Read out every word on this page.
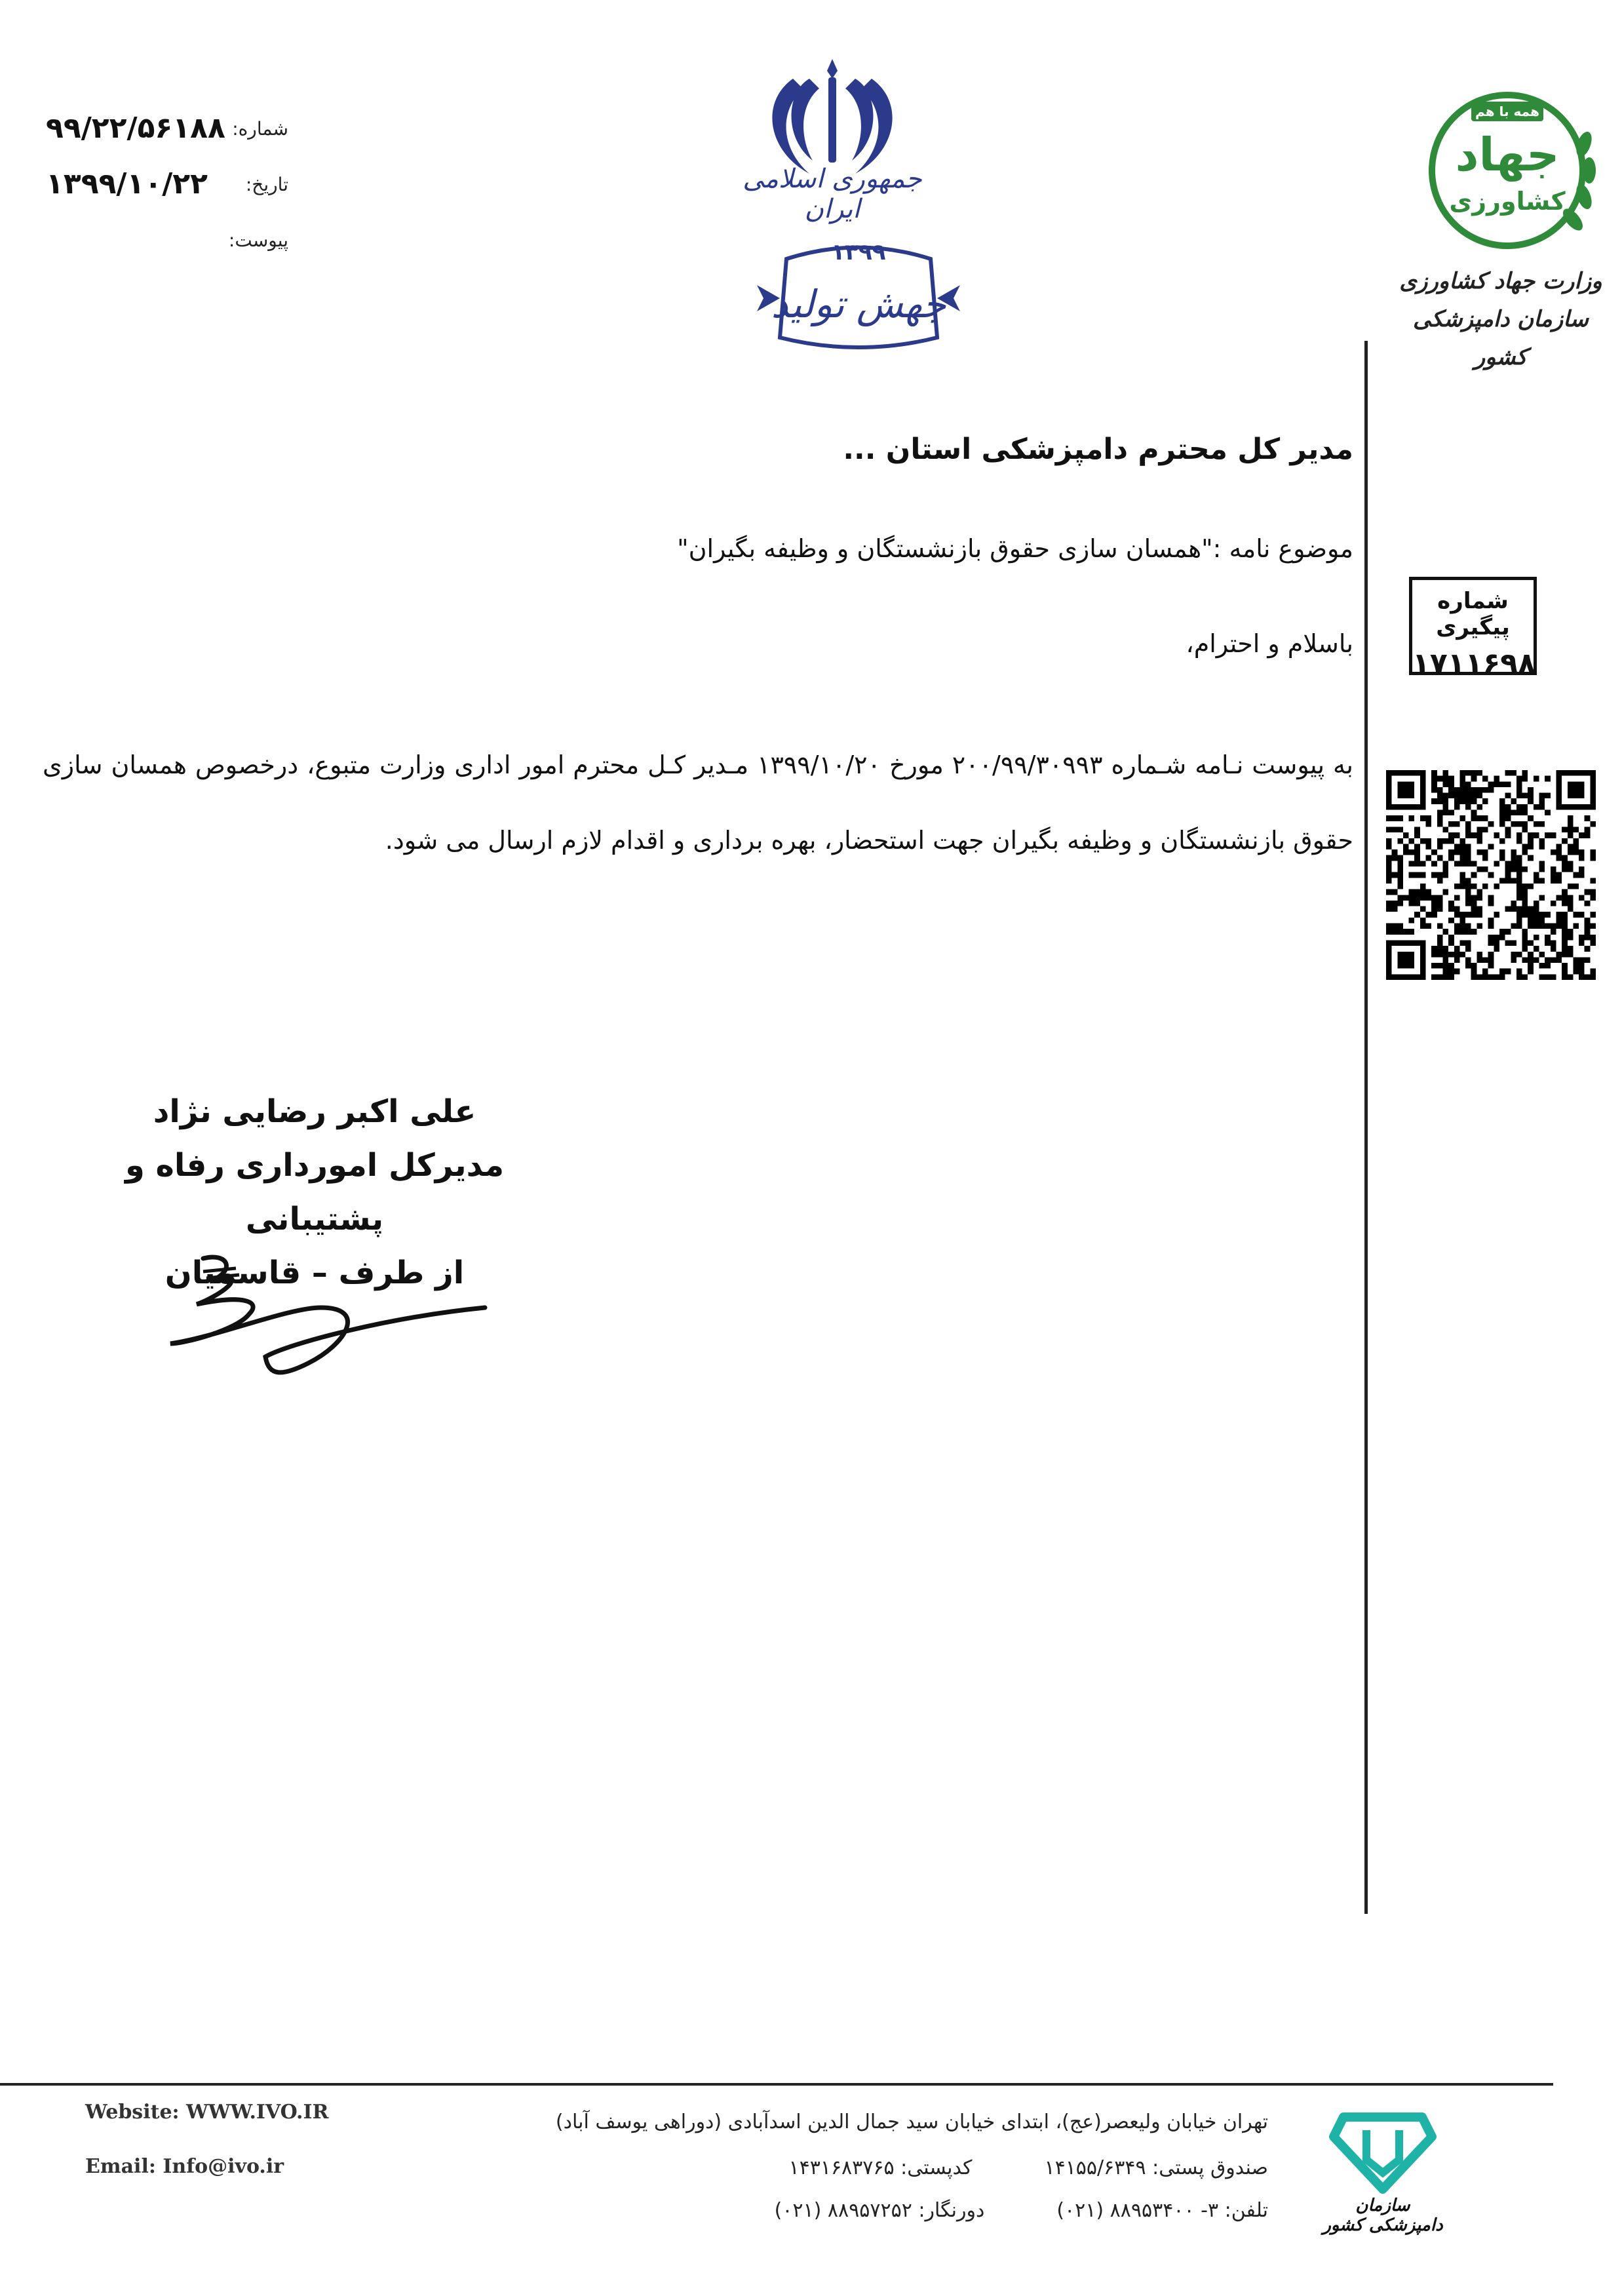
شماره:
۹۹/۲۲/۵۶۱۸۸
تاریخ:
۱۳۹۹/۱۰/۲۲
پیوست:
جمهوری اسلامی ایران
۱۳۹۹
جهش تولید
همه با هم
جهاد
کشاورزی
وزارت جهاد کشاورزی
سازمان دامپزشکی کشور
شماره پیگیری
۱۷۱۱۶۹۸
مدیر کل محترم دامپزشکی استان ...
موضوع نامه :"همسان سازی حقوق بازنشستگان و وظیفه بگیران"
باسلام و احترام،
به پیوست نـامه شـماره ۲۰۰/۹۹/۳۰۹۹۳ مورخ ۱۳۹۹/۱۰/۲۰ مـدیر کـل محترم امور اداری وزارت متبوع، درخصوص همسان سازی حقوق بازنشستگان و وظیفه بگیران جهت استحضار، بهره برداری و اقدام لازم ارسال می شود.
علی اکبر رضایی نژاد
مدیرکل امورداری رفاه و پشتیبانی
از طرف – قاسمیان
Website: WWW.IVO.IR
Email: Info@ivo.ir
تهران خیابان ولیعصر(عج)، ابتدای خیابان سید جمال الدین اسدآبادی (دوراهی یوسف آباد)
صندوق پستی: ۱۴۱۵۵/۶۳۴۹کدپستی: ۱۴۳۱۶۸۳۷۶۵
تلفن: ۳- ۸۸۹۵۳۴۰۰ (۰۲۱)دورنگار: ۸۸۹۵۷۲۵۲ (۰۲۱)	سازمان دامپزشکی کشور
